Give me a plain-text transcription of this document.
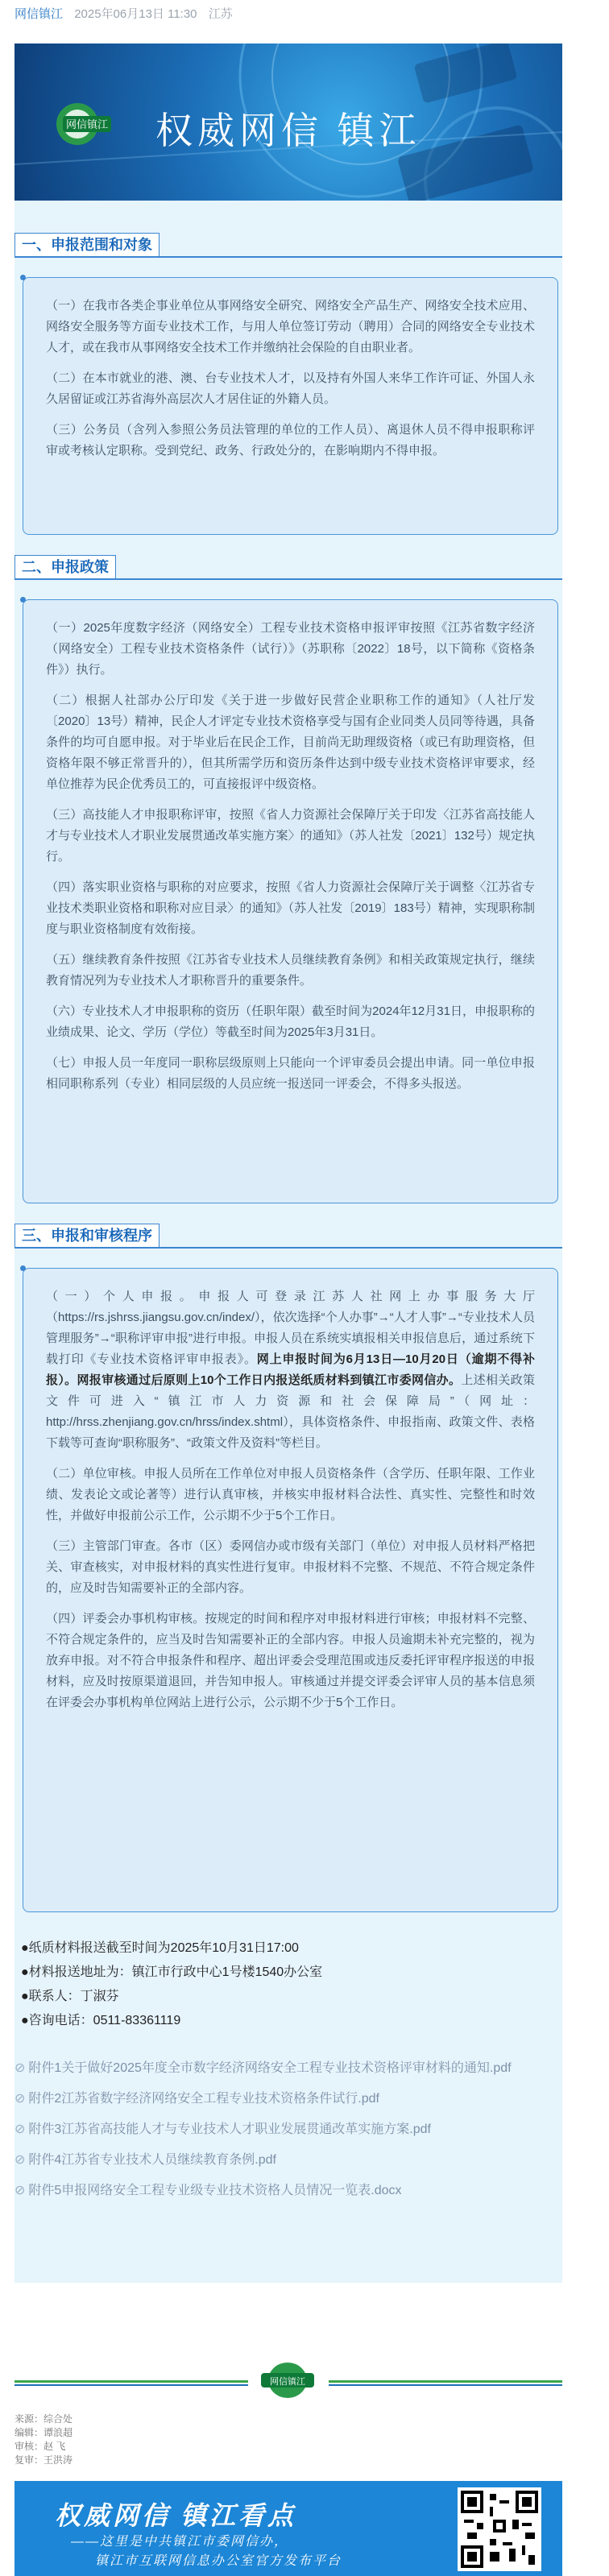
网信镇江 2025年06月13日 11:30 江苏
网信镇江 权威网信 镇江
一、申报范围和对象

（一）在我市各类企事业单位从事网络安全研究、网络安全产品生产、网络安全技术应用、网络安全服务等方面专业技术工作，与用人单位签订劳动（聘用）合同的网络安全专业技术人才，或在我市从事网络安全技术工作并缴纳社会保险的自由职业者。

（二）在本市就业的港、澳、台专业技术人才，以及持有外国人来华工作许可证、外国人永久居留证或江苏省海外高层次人才居住证的外籍人员。

（三）公务员（含列入参照公务员法管理的单位的工作人员）、离退休人员不得申报职称评审或考核认定职称。受到党纪、政务、行政处分的，在影响期内不得申报。

二、申报政策

（一）2025年度数字经济（网络安全）工程专业技术资格申报评审按照《江苏省数字经济（网络安全）工程专业技术资格条件（试行）》（苏职称〔2022〕18号，以下简称《资格条件》）执行。

（二）根据人社部办公厅印发《关于进一步做好民营企业职称工作的通知》（人社厅发〔2020〕13号）精神，民企人才评定专业技术资格享受与国有企业同类人员同等待遇，具备条件的均可自愿申报。对于毕业后在民企工作，目前尚无助理级资格（或已有助理资格，但资格年限不够正常晋升的），但其所需学历和资历条件达到中级专业技术资格评审要求，经单位推荐为民企优秀员工的，可直接报评中级资格。

（三）高技能人才申报职称评审，按照《省人力资源社会保障厅关于印发〈江苏省高技能人才与专业技术人才职业发展贯通改革实施方案〉的通知》（苏人社发〔2021〕132号）规定执行。

（四）落实职业资格与职称的对应要求，按照《省人力资源社会保障厅关于调整〈江苏省专业技术类职业资格和职称对应目录〉的通知》（苏人社发〔2019〕183号）精神，实现职称制度与职业资格制度有效衔接。

（五）继续教育条件按照《江苏省专业技术人员继续教育条例》和相关政策规定执行，继续教育情况列为专业技术人才职称晋升的重要条件。

（六）专业技术人才申报职称的资历（任职年限）截至时间为2024年12月31日，申报职称的业绩成果、论文、学历（学位）等截至时间为2025年3月31日。

（七）申报人员一年度同一职称层级原则上只能向一个评审委员会提出申请。同一单位申报相同职称系列（专业）相同层级的人员应统一报送同一评委会，不得多头报送。

三、申报和审核程序

（一）个人申报。申报人可登录江苏人社网上办事服务大厅（https://rs.jshrss.jiangsu.gov.cn/index/），依次选择“个人办事”→“人才人事”→“专业技术人员管理服务”→“职称评审申报”进行申报。申报人员在系统实填报相关申报信息后，通过系统下载打印《专业技术资格评审申报表》。网上申报时间为6月13日—10月20日（逾期不得补报）。网报审核通过后原则上10个工作日内报送纸质材料到镇江市委网信办。上述相关政策文件可进入“镇江市人力资源和社会保障局”（网址：http://hrss.zhenjiang.gov.cn/hrss/index.shtml），具体资格条件、申报指南、政策文件、表格下载等可查询“职称服务”、“政策文件及资料”等栏目。

（二）单位审核。申报人员所在工作单位对申报人员资格条件（含学历、任职年限、工作业绩、发表论文或论著等）进行认真审核，并核实申报材料合法性、真实性、完整性和时效性，并做好申报前公示工作，公示期不少于5个工作日。

（三）主管部门审查。各市（区）委网信办或市级有关部门（单位）对申报人员材料严格把关、审查核实，对申报材料的真实性进行复审。申报材料不完整、不规范、不符合规定条件的，应及时告知需要补正的全部内容。

（四）评委会办事机构审核。按规定的时间和程序对申报材料进行审核；申报材料不完整、不符合规定条件的，应当及时告知需要补正的全部内容。申报人员逾期未补充完整的，视为放弃申报。对不符合申报条件和程序、超出评委会受理范围或违反委托评审程序报送的申报材料，应及时按原渠道退回，并告知申报人。审核通过并提交评委会评审人员的基本信息须在评委会办事机构单位网站上进行公示，公示期不少于5个工作日。

●纸质材料报送截至时间为2025年10月31日17:00
●材料报送地址为：镇江市行政中心1号楼1540办公室
●联系人：丁淑芬
●咨询电话：0511-83361119
⊘ 附件1关于做好2025年度全市数字经济网络安全工程专业技术资格评审材料的通知.pdf
⊘ 附件2江苏省数字经济网络安全工程专业技术资格条件试行.pdf
⊘ 附件3江苏省高技能人才与专业技术人才职业发展贯通改革实施方案.pdf
⊘ 附件4江苏省专业技术人员继续教育条例.pdf
⊘ 附件5申报网络安全工程专业级专业技术资格人员情况一览表.docx
网信镇江
来源：综合处
编辑：谭浪超
审核：赵 飞
复审：王洪涛
权威网信 镇江看点
——这里是中共镇江市委网信办，
镇江市互联网信息办公室官方发布平台
